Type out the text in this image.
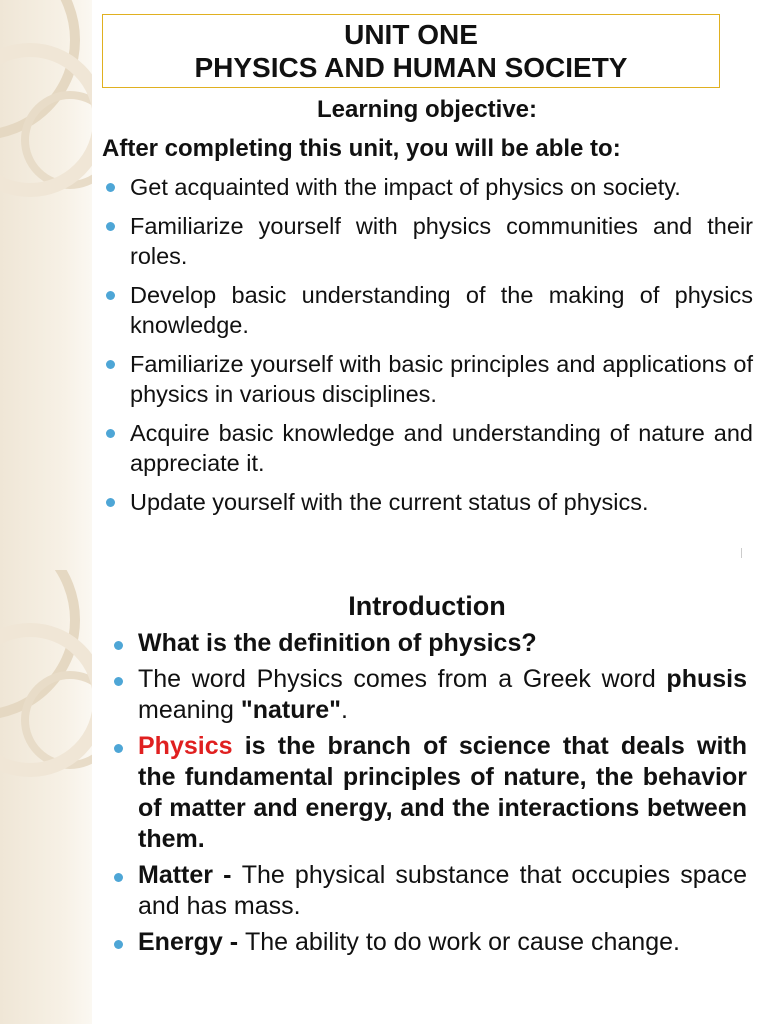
UNIT ONE
PHYSICS AND HUMAN SOCIETY
Learning objective:
After completing this unit, you will be able to:
Get acquainted with the impact of physics on society.
Familiarize yourself with physics communities and their roles.
Develop basic understanding of the making of physics knowledge.
Familiarize yourself with basic principles and applications of physics in various disciplines.
Acquire basic knowledge and understanding of nature and appreciate it.
Update yourself with the current status of physics.
Introduction
What is the definition of physics?
The word Physics comes from a Greek word phusis meaning "nature".
Physics is the branch of science that deals with the fundamental principles of nature, the behavior of matter and energy, and the interactions between them.
Matter - The physical substance that occupies space and has mass.
Energy - The ability to do work or cause change.
